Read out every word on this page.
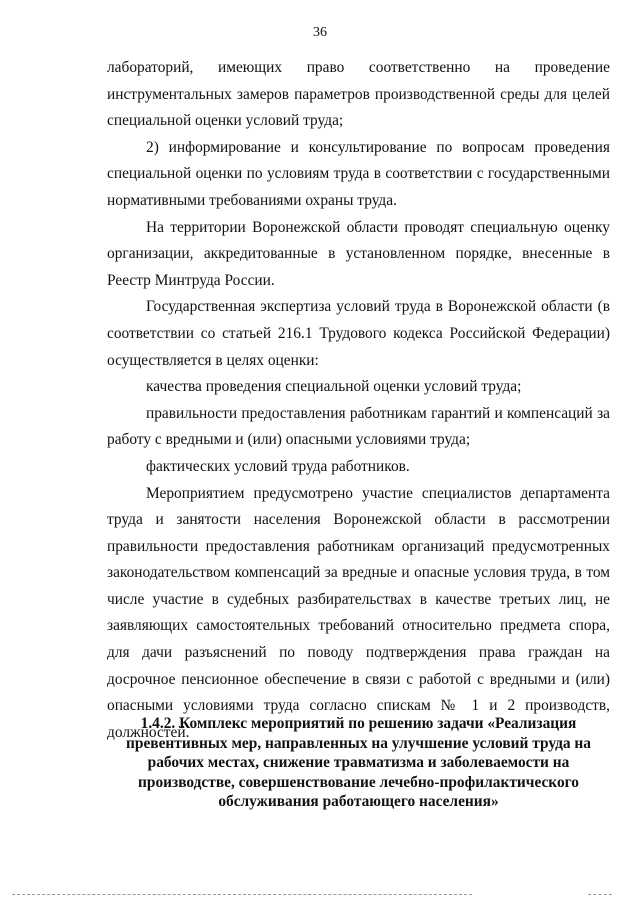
36

лабораторий, имеющих право соответственно на проведение

инструментальных замеров параметров производственной среды для целей специальной оценки условий труда;

2) информирование и консультирование по вопросам проведения специальной оценки по условиям труда в соответствии с государственными нормативными требованиями охраны труда.

На территории Воронежской области проводят специальную оценку организации, аккредитованные в установленном порядке, внесенные в Реестр Минтруда России.

Государственная экспертиза условий труда в Воронежской области (в соответствии со статьей 216.1 Трудового кодекса Российской Федерации) осуществляется в целях оценки:

качества проведения специальной оценки условий труда;

правильности предоставления работникам гарантий и компенсаций за работу с вредными и (или) опасными условиями труда;

фактических условий труда работников.

Мероприятием предусмотрено участие специалистов департамента труда и занятости населения Воронежской области в рассмотрении правильности предоставления работникам организаций предусмотренных законодательством компенсаций за вредные и опасные условия труда, в том числе участие в судебных разбирательствах в качестве третьих лиц, не заявляющих самостоятельных требований относительно предмета спора, для дачи разъяснений по поводу подтверждения права граждан на досрочное пенсионное обеспечение в связи с работой с вредными и (или) опасными условиями труда согласно спискам № 1 и 2 производств, должностей.

1.4.2. Комплекс мероприятий по решению задачи «Реализация превентивных мер, направленных на улучшение условий труда на рабочих местах, снижение травматизма и заболеваемости на производстве, совершенствование лечебно-профилактического обслуживания работающего населения»
